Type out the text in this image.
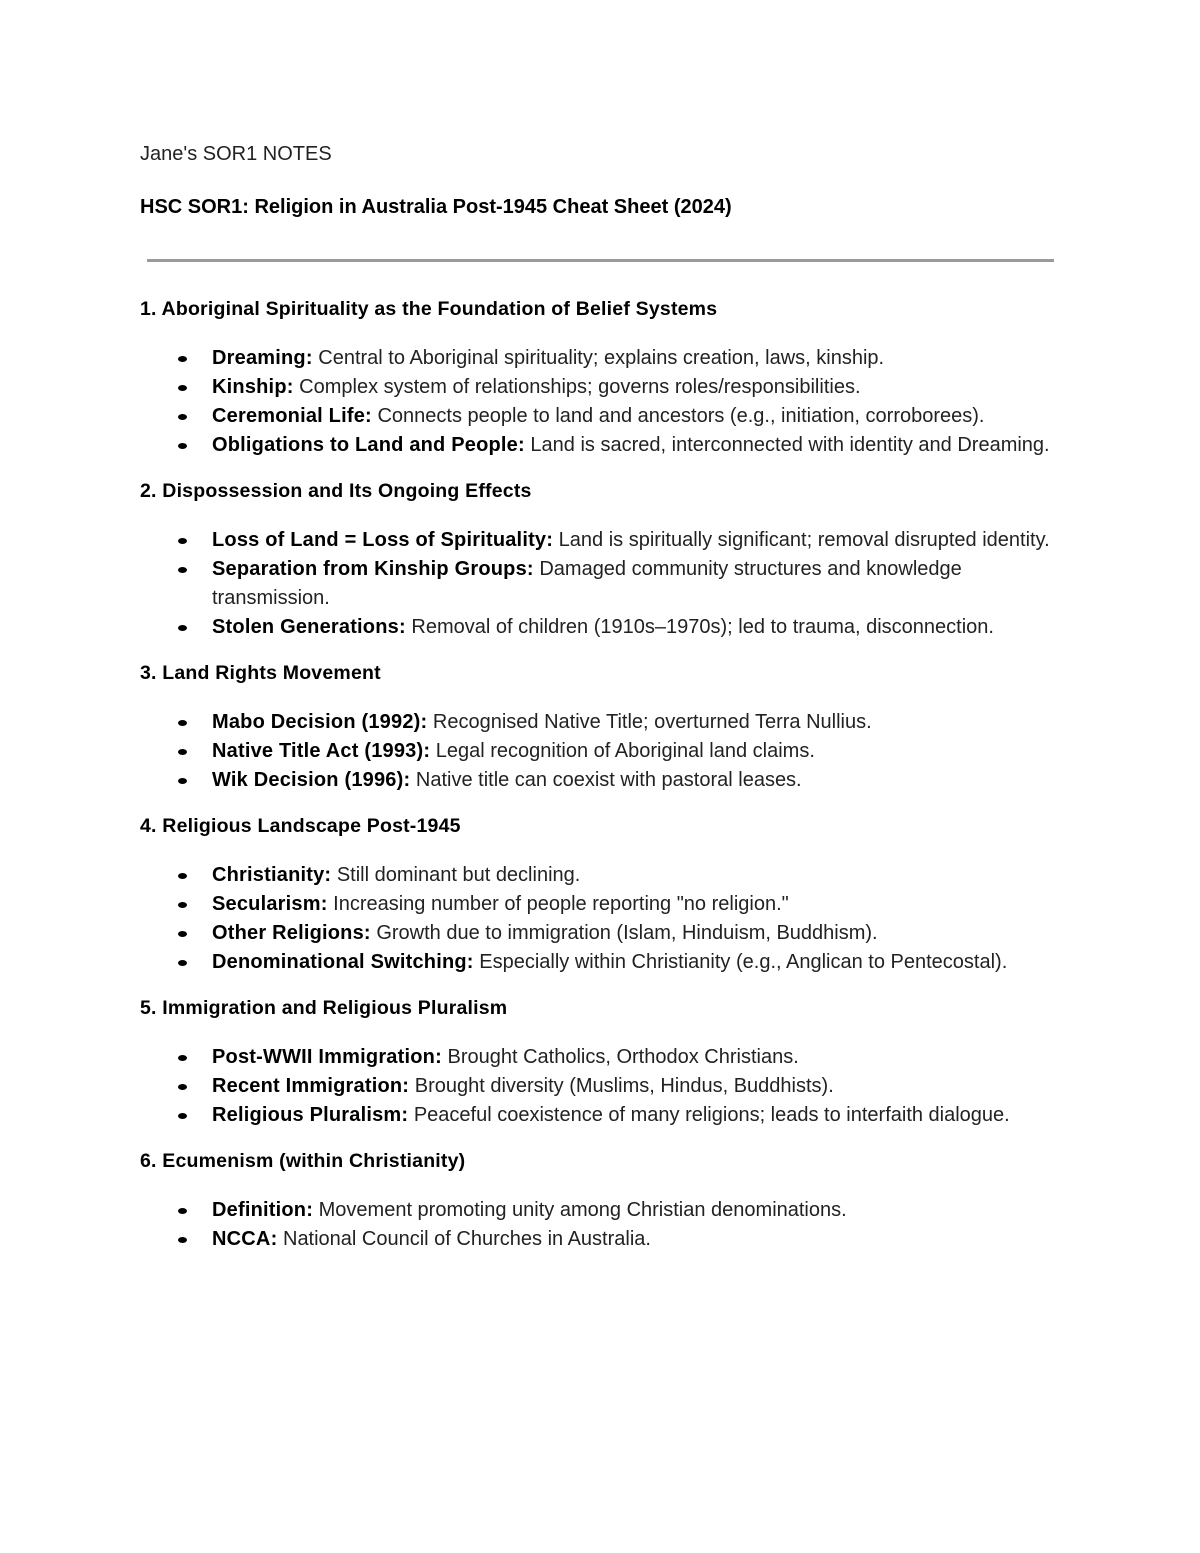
Jane's SOR1 NOTES

HSC SOR1: Religion in Australia Post-1945 Cheat Sheet (2024)

1. Aboriginal Spirituality as the Foundation of Belief Systems
Dreaming: Central to Aboriginal spirituality; explains creation, laws, kinship.
Kinship: Complex system of relationships; governs roles/responsibilities.
Ceremonial Life: Connects people to land and ancestors (e.g., initiation, corroborees).
Obligations to Land and People: Land is sacred, interconnected with identity and Dreaming.
2. Dispossession and Its Ongoing Effects
Loss of Land = Loss of Spirituality: Land is spiritually significant; removal disrupted identity.
Separation from Kinship Groups: Damaged community structures and knowledge transmission.
Stolen Generations: Removal of children (1910s–1970s); led to trauma, disconnection.
3. Land Rights Movement
Mabo Decision (1992): Recognised Native Title; overturned Terra Nullius.
Native Title Act (1993): Legal recognition of Aboriginal land claims.
Wik Decision (1996): Native title can coexist with pastoral leases.
4. Religious Landscape Post-1945
Christianity: Still dominant but declining.
Secularism: Increasing number of people reporting "no religion."
Other Religions: Growth due to immigration (Islam, Hinduism, Buddhism).
Denominational Switching: Especially within Christianity (e.g., Anglican to Pentecostal).
5. Immigration and Religious Pluralism
Post-WWII Immigration: Brought Catholics, Orthodox Christians.
Recent Immigration: Brought diversity (Muslims, Hindus, Buddhists).
Religious Pluralism: Peaceful coexistence of many religions; leads to interfaith dialogue.
6. Ecumenism (within Christianity)
Definition: Movement promoting unity among Christian denominations.
NCCA: National Council of Churches in Australia.
